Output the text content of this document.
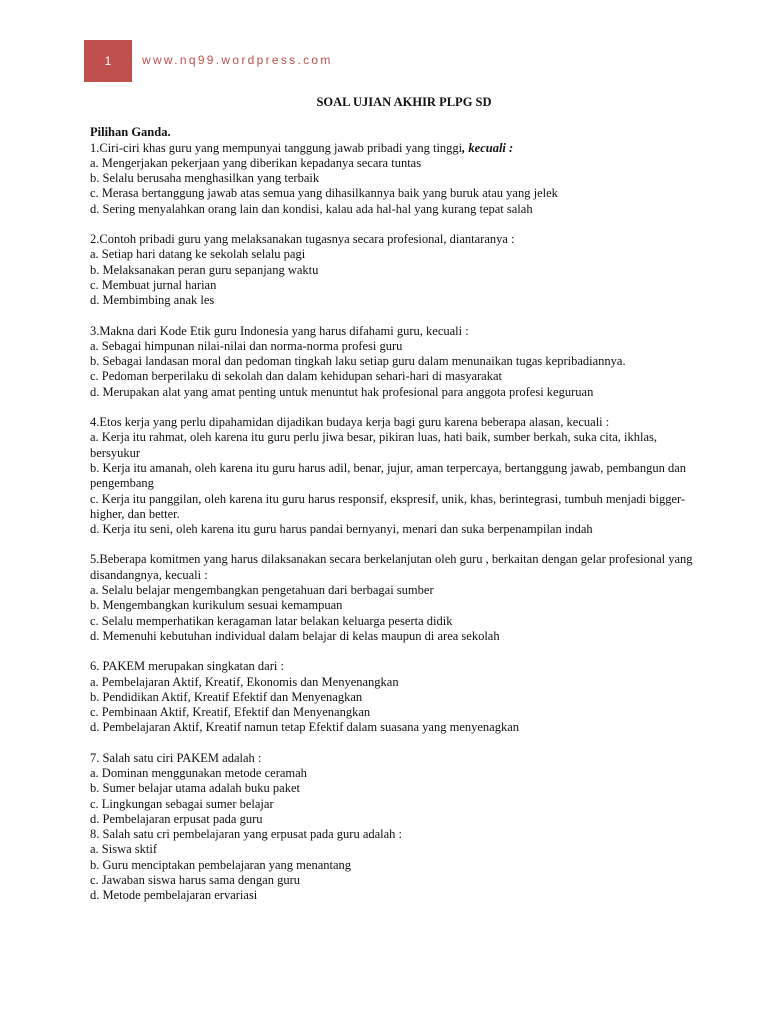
1	www.nq99.wordpress.com
SOAL UJIAN AKHIR PLPG SD
Pilihan Ganda.
1.Ciri-ciri khas guru yang mempunyai tanggung jawab pribadi yang tinggi, kecuali :
a. Mengerjakan pekerjaan yang diberikan kepadanya secara tuntas
b. Selalu berusaha menghasilkan yang terbaik
c. Merasa bertanggung jawab atas semua yang dihasilkannya baik yang buruk atau yang jelek
d. Sering menyalahkan orang lain dan kondisi, kalau ada hal-hal yang kurang tepat salah
2.Contoh pribadi guru yang melaksanakan tugasnya secara profesional, diantaranya :
a. Setiap hari datang ke sekolah selalu pagi
b. Melaksanakan peran guru sepanjang waktu
c. Membuat jurnal harian
d. Membimbing anak les
3.Makna dari Kode Etik guru Indonesia yang harus difahami guru, kecuali :
a. Sebagai himpunan nilai-nilai dan norma-norma profesi guru
b. Sebagai landasan moral dan pedoman tingkah laku setiap guru dalam menunaikan tugas kepribadiannya.
c. Pedoman berperilaku di sekolah dan dalam kehidupan sehari-hari di masyarakat
d. Merupakan alat yang amat penting untuk menuntut hak profesional para anggota profesi keguruan
4.Etos kerja yang perlu dipahamidan dijadikan budaya kerja bagi guru karena beberapa alasan, kecuali :
a. Kerja itu rahmat, oleh karena itu guru perlu jiwa besar, pikiran luas, hati baik, sumber berkah, suka cita, ikhlas, bersyukur
b. Kerja itu amanah, oleh karena itu guru harus adil, benar, jujur, aman terpercaya, bertanggung jawab, pembangun dan pengembang
c. Kerja itu panggilan, oleh karena itu guru harus responsif, ekspresif, unik, khas, berintegrasi, tumbuh menjadi bigger-higher, dan better.
d. Kerja itu seni, oleh karena itu guru harus pandai bernyanyi, menari dan suka berpenampilan indah
5.Beberapa komitmen yang harus dilaksanakan secara berkelanjutan oleh guru , berkaitan dengan gelar profesional yang disandangnya, kecuali :
a. Selalu belajar mengembangkan pengetahuan dari berbagai sumber
b. Mengembangkan kurikulum sesuai kemampuan
c. Selalu memperhatikan keragaman latar belakan keluarga peserta didik
d. Memenuhi kebutuhan individual dalam belajar di kelas maupun di area sekolah
6. PAKEM merupakan singkatan dari :
a. Pembelajaran Aktif, Kreatif, Ekonomis dan Menyenangkan
b. Pendidikan Aktif, Kreatif Efektif dan Menyenagkan
c. Pembinaan Aktif, Kreatif, Efektif dan Menyenangkan
d. Pembelajaran Aktif, Kreatif namun tetap Efektif dalam suasana yang menyenagkan
7. Salah satu ciri PAKEM adalah :
a. Dominan menggunakan metode ceramah
b. Sumer belajar utama adalah buku paket
c. Lingkungan sebagai sumer belajar
d. Pembelajaran erpusat pada guru
8. Salah satu cri pembelajaran yang erpusat pada guru adalah :
a. Siswa sktif
b. Guru menciptakan pembelajaran yang menantang
c. Jawaban siswa harus sama dengan guru
d. Metode pembelajaran ervariasi
